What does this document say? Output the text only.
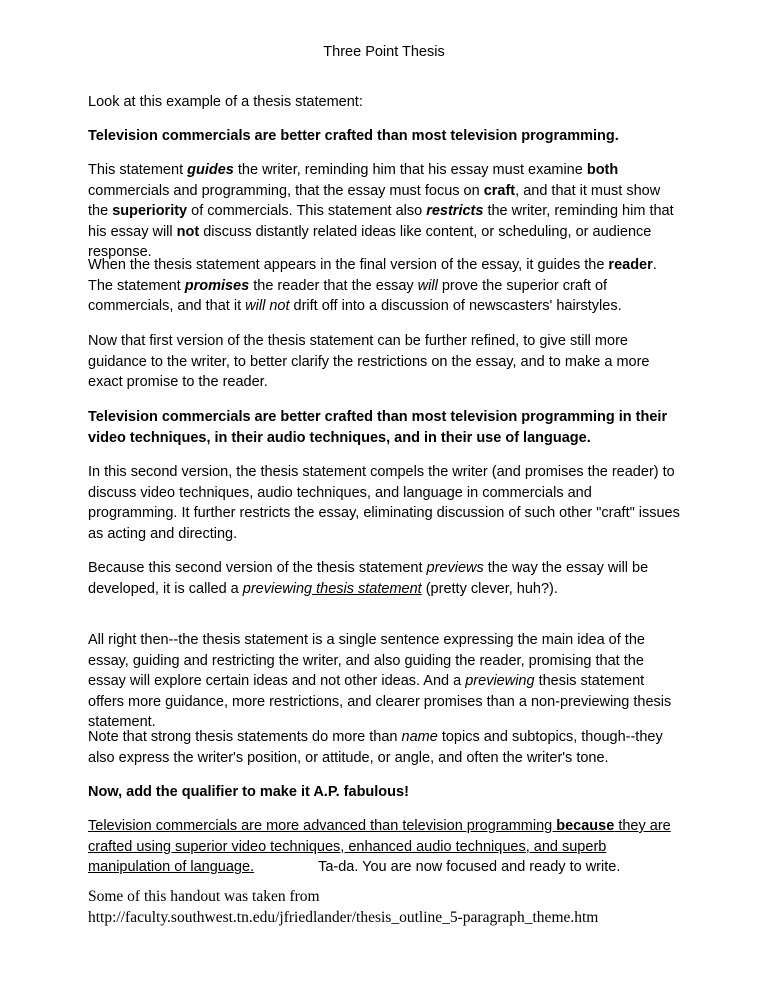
Three Point Thesis

Look at this example of a thesis statement:

Television commercials are better crafted than most television programming.

This statement guides the writer, reminding him that his essay must examine both commercials and programming, that the essay must focus on craft, and that it must show the superiority of commercials. This statement also restricts the writer, reminding him that his essay will not discuss distantly related ideas like content, or scheduling, or audience response.

When the thesis statement appears in the final version of the essay, it guides the reader. The statement promises the reader that the essay will prove the superior craft of commercials, and that it will not drift off into a discussion of newscasters' hairstyles.

Now that first version of the thesis statement can be further refined, to give still more guidance to the writer, to better clarify the restrictions on the essay, and to make a more exact promise to the reader.

Television commercials are better crafted than most television programming in their video techniques, in their audio techniques, and in their use of language.

In this second version, the thesis statement compels the writer (and promises the reader) to discuss video techniques, audio techniques, and language in commercials and programming. It further restricts the essay, eliminating discussion of such other "craft" issues as acting and directing.

Because this second version of the thesis statement previews the way the essay will be developed, it is called a previewing thesis statement (pretty clever, huh?).

All right then--the thesis statement is a single sentence expressing the main idea of the essay, guiding and restricting the writer, and also guiding the reader, promising that the essay will explore certain ideas and not other ideas. And a previewing thesis statement offers more guidance, more restrictions, and clearer promises than a non-previewing thesis statement.

Note that strong thesis statements do more than name topics and subtopics, though--they also express the writer's position, or attitude, or angle, and often the writer's tone.

Now, add the qualifier to make it A.P. fabulous!

Television commercials are more advanced than television programming because they are crafted using superior video techniques, enhanced audio techniques, and superb manipulation of language.	Ta-da. You are now focused and ready to write.

Some of this handout was taken from
http://faculty.southwest.tn.edu/jfriedlander/thesis_outline_5-paragraph_theme.htm
